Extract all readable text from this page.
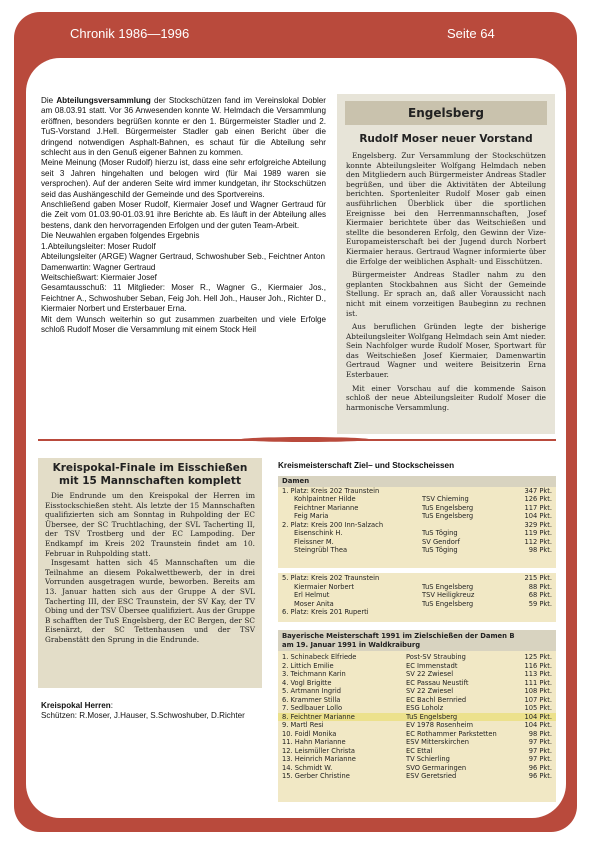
Chronik 1986—1996	Seite 64

Die Abteilungsversammlung der Stockschützen fand im Vereinslokal Dobler am 08.03.91 statt. Vor 36 Anwesenden konnte W. Helmdach die Versammlung eröffnen, besonders begrüßen konnte er den 1. Bürgermeister Stadler und 2. TuS-Vorstand J.Hell. Bürgermeister Stadler gab einen Bericht über die dringend notwendigen Asphalt-Bahnen, es schaut für die Abteilung sehr schlecht aus in den Genuß eigener Bahnen zu kommen.

Meine Meinung (Moser Rudolf) hierzu ist, dass eine sehr erfolgreiche Abteilung seit 3 Jahren hingehalten und belogen wird (für Mai 1989 waren sie versprochen). Auf der anderen Seite wird immer kundgetan, ihr Stockschützen seid das Aushängeschild der Gemeinde und des Sportvereins.

Anschließend gaben Moser Rudolf, Kiermaier Josef und Wagner Gertraud für die Zeit vom 01.03.90-01.03.91 ihre Berichte ab. Es läuft in der Abteilung alles bestens, dank den hervorragenden Erfolgen und der guten Team-Arbeit.

Die Neuwahlen ergaben folgendes Ergebnis

1.Abteilungsleiter: Moser Rudolf

Abteilungsleiter (ARGE) Wagner Gertraud, Schwoshuber Seb., Feichtner Anton

Damenwartin: Wagner Gertraud

Weitschießwart: Kiermaier Josef

Gesamtausschuß: 11 Mitglieder: Moser R., Wagner G., Kiermaier Jos., Feichtner A., Schwoshuber Seban, Feig Joh. Hell Joh., Hauser Joh., Richter D., Kiermaier Norbert und Ersterbauer Erna.

Mit dem Wunsch weiterhin so gut zusammen zuarbeiten und viele Erfolge schloß Rudolf Moser die Versammlung mit einem Stock Heil

Engelsberg
Rudolf Moser neuer Vorstand

Engelsberg. Zur Versammlung der Stockschützen konnte Abteilungsleiter Wolfgang Helmdach neben den Mitgliedern auch Bürgermeister Andreas Stadler begrüßen, und über die Aktivitäten der Abteilung berichten. Sportenleiter Rudolf Moser gab einen ausführlichen Überblick über die sportlichen Ereignisse bei den Herrenmannschaften, Josef Kiermaier berichtete über das Weitschießen und stellte die besonderen Erfolg, den Gewinn der Vize-Europameisterschaft bei der Jugend durch Norbert Kiermaier heraus. Gertraud Wagner informierte über die Erfolge der weiblichen Asphalt- und Eisschützen.

Bürgermeister Andreas Stadler nahm zu den geplanten Stockbahnen aus Sicht der Gemeinde Stellung. Er sprach an, daß aller Voraussicht nach nicht mit einem vorzeitigen Baubeginn zu rechnen ist.

Aus beruflichen Gründen legte der bisherige Abteilungsleiter Wolfgang Helmdach sein Amt nieder. Sein Nachfolger wurde Rudolf Moser, Sportwart für das Weitschießen Josef Kiermaier, Damenwartin Gertraud Wagner und weitere Beisitzerin Erna Esterbauer.

Mit einer Vorschau auf die kommende Saison schloß der neue Abteilungsleiter Rudolf Moser die harmonische Versammlung.

Kreispokal-Finale im Eisschießen
mit 15 Mannschaften komplett

Die Endrunde um den Kreispokal der Herren im Eisstockschießen steht. Als letzte der 15 Mannschaften qualifizierten sich am Sonntag in Ruhpolding der EC Übersee, der SC Truchtlaching, der SVL Tacherting II, der TSV Trostberg und der EC Lampoding. Der Endkampf im Kreis 202 Traunstein findet am 10. Februar in Ruhpolding statt.

Insgesamt hatten sich 45 Mannschaften um die Teilnahme an diesem Pokalwettbewerb, der in drei Vorrunden ausgetragen wurde, beworben. Bereits am 13. Januar hatten sich aus der Gruppe A der SVL Tacherting III, der ESC Traunstein, der SV Kay, der TV Obing und der TSV Übersee qualifiziert. Aus der Gruppe B schafften der TuS Engelsberg, der EC Bergen, der SC Eisenärzt, der SC Tettenhausen und der TSV Grabenstätt den Sprung in die Endrunde.

Kreispokal Herren:
Schützen: R.Moser, J.Hauser, S.Schwoshuber, D.Richter
Kreismeisterschaft Ziel– und Stockscheissen
Damen
1. Platz: Kreis 202 Traunstein	347 Pkt.
Kohlpaintner Hilde	TSV Chieming	126 Pkt.
Feichtner Marianne	TuS Engelsberg	117 Pkt.
Feig Maria	TuS Engelsberg	104 Pkt.
2. Platz: Kreis 200 Inn-Salzach	329 Pkt.
Eisenschink H.	TuS Töging	119 Pkt.
Fleissner M.	SV Gendorf	112 Pkt.
Steingrübl Thea	TuS Töging	98 Pkt.
5. Platz: Kreis 202 Traunstein	215 Pkt.
Kiermaier Norbert	TuS Engelsberg	88 Pkt.
Erl Helmut	TSV Heiligkreuz	68 Pkt.
Moser Anita	TuS Engelsberg	59 Pkt.
6. Platz: Kreis 201 Ruperti
Bayerische Meisterschaft 1991 im Zielschießen der Damen B
am 19. Januar 1991 in Waldkraiburg
1. Schinabeck Elfriede	Post-SV Straubing	125 Pkt.
2. Littich Emilie	EC Immenstadt	116 Pkt.
3. Teichmann Karin	SV 22 Zwiesel	113 Pkt.
4. Vogl Brigitte	EC Passau Neustift	111 Pkt.
5. Artmann Ingrid	SV 22 Zwiesel	108 Pkt.
6. Krammer Stilla	EC Bachl Bernried	107 Pkt.
7. Sedlbauer Lollo	ESG Loholz	105 Pkt.
8. Feichtner Marianne	TuS Engelsberg	104 Pkt.
9. Martl Resi	EV 1978 Rosenheim	104 Pkt.
10. Foidl Monika	EC Rothammer Parkstetten	98 Pkt.
11. Hahn Marianne	ESV Mitterskirchen	97 Pkt.
12. Leismüller Christa	EC Ettal	97 Pkt.
13. Heinrich Marianne	TV Schierling	97 Pkt.
14. Schmidt W.	SVO Germaringen	96 Pkt.
15. Gerber Christine	ESV Geretsried	96 Pkt.
